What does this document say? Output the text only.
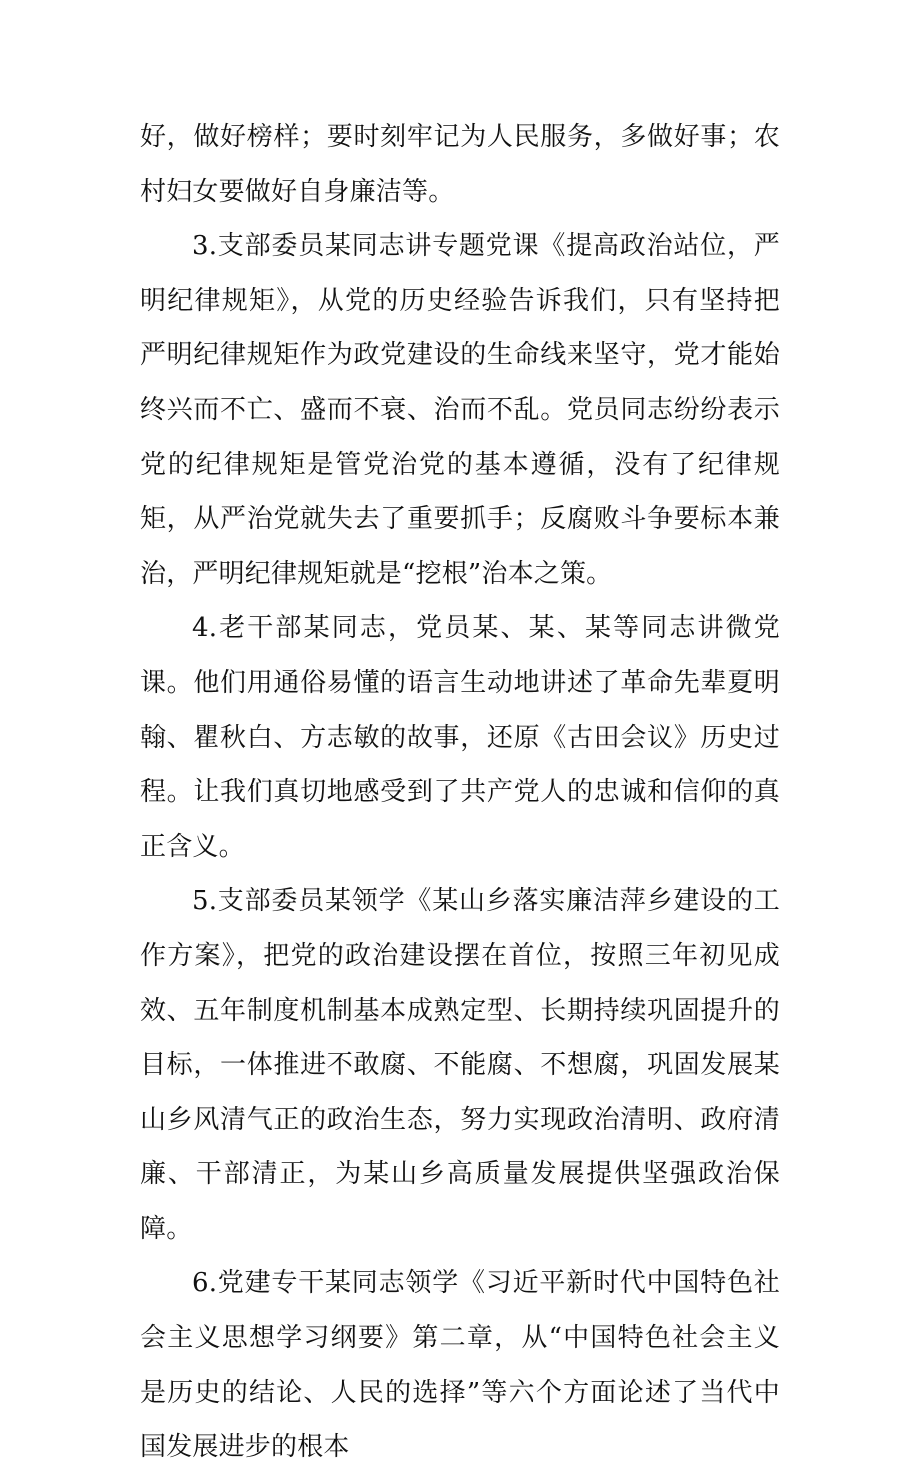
好，做好榜样；要时刻牢记为人民服务，多做好事；农村妇女要做好自身廉洁等。

3.支部委员某同志讲专题党课《提高政治站位，严明纪律规矩》，从党的历史经验告诉我们，只有坚持把严明纪律规矩作为政党建设的生命线来坚守，党才能始终兴而不亡、盛而不衰、治而不乱。党员同志纷纷表示党的纪律规矩是管党治党的基本遵循，没有了纪律规矩，从严治党就失去了重要抓手；反腐败斗争要标本兼治，严明纪律规矩就是“挖根”治本之策。

4.老干部某同志，党员某、某、某等同志讲微党课。他们用通俗易懂的语言生动地讲述了革命先辈夏明翰、瞿秋白、方志敏的故事，还原《古田会议》历史过程。让我们真切地感受到了共产党人的忠诚和信仰的真正含义。

5.支部委员某领学《某山乡落实廉洁萍乡建设的工作方案》，把党的政治建设摆在首位，按照三年初见成效、五年制度机制基本成熟定型、长期持续巩固提升的目标，一体推进不敢腐、不能腐、不想腐，巩固发展某山乡风清气正的政治生态，努力实现政治清明、政府清廉、干部清正，为某山乡高质量发展提供坚强政治保障。

6.党建专干某同志领学《习近平新时代中国特色社会主义思想学习纲要》第二章，从“中国特色社会主义是历史的结论、人民的选择”等六个方面论述了当代中国发展进步的根本
